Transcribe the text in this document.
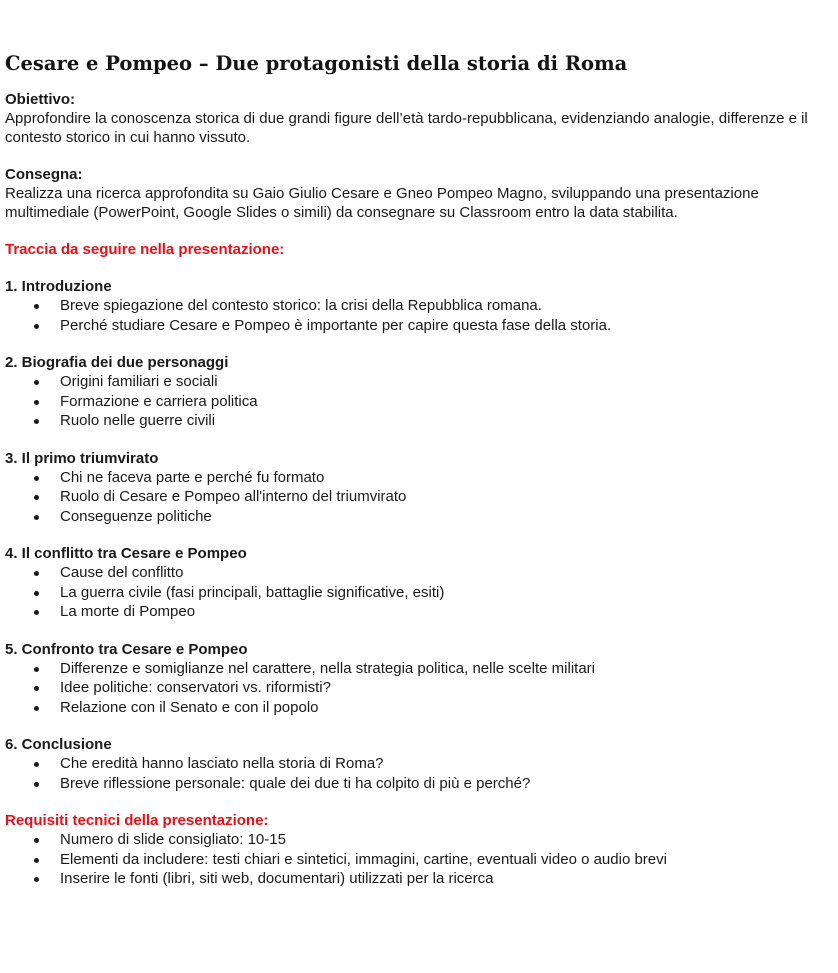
Cesare e Pompeo – Due protagonisti della storia di Roma

Obiettivo:

Approfondire la conoscenza storica di due grandi figure dell’età tardo-repubblicana, evidenziando analogie, differenze e il contesto storico in cui hanno vissuto.

Consegna:

Realizza una ricerca approfondita su Gaio Giulio Cesare e Gneo Pompeo Magno, sviluppando una presentazione multimediale (PowerPoint, Google Slides o simili) da consegnare su Classroom entro la data stabilita.

Traccia da seguire nella presentazione:

1. Introduzione

Breve spiegazione del contesto storico: la crisi della Repubblica romana.
Perché studiare Cesare e Pompeo è importante per capire questa fase della storia.

2. Biografia dei due personaggi

Origini familiari e sociali
Formazione e carriera politica
Ruolo nelle guerre civili

3. Il primo triumvirato

Chi ne faceva parte e perché fu formato
Ruolo di Cesare e Pompeo all'interno del triumvirato
Conseguenze politiche

4. Il conflitto tra Cesare e Pompeo

Cause del conflitto
La guerra civile (fasi principali, battaglie significative, esiti)
La morte di Pompeo

5. Confronto tra Cesare e Pompeo

Differenze e somiglianze nel carattere, nella strategia politica, nelle scelte militari
Idee politiche: conservatori vs. riformisti?
Relazione con il Senato e con il popolo

6. Conclusione

Che eredità hanno lasciato nella storia di Roma?
Breve riflessione personale: quale dei due ti ha colpito di più e perché?

Requisiti tecnici della presentazione:

Numero di slide consigliato: 10-15
Elementi da includere: testi chiari e sintetici, immagini, cartine, eventuali video o audio brevi
Inserire le fonti (libri, siti web, documentari) utilizzati per la ricerca
